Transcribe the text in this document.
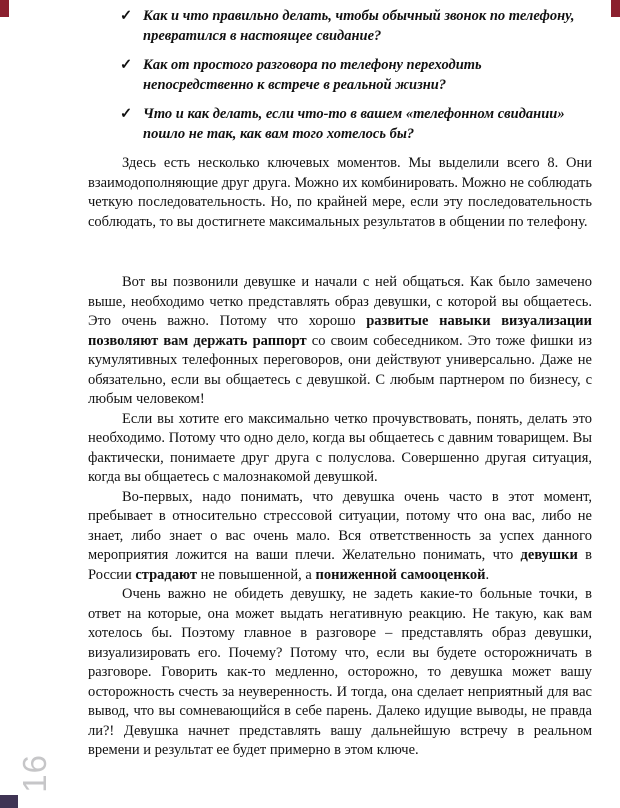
✓ Как и что правильно делать, чтобы обычный звонок по телефону, превратился в настоящее свидание?
✓ Как от простого разговора по телефону переходить непосредственно к встрече в реальной жизни?
✓ Что и как делать, если что-то в вашем «телефонном свидании» пошло не так, как вам того хотелось бы?

Здесь есть несколько ключевых моментов. Мы выделили всего 8. Они взаимодополняющие друг друга. Можно их комбинировать. Можно не соблюдать четкую последовательность. Но, по крайней мере, если эту последовательность соблюдать, то вы достигнете максимальных результатов в общении по телефону.

Вот вы позвонили девушке и начали с ней общаться. Как было замечено выше, необходимо четко представлять образ девушки, с которой вы общаетесь. Это очень важно. Потому что хорошо развитые навыки визуализации позволяют вам держать раппорт со своим собеседником. Это тоже фишки из кумулятивных телефонных переговоров, они действуют универсально. Даже не обязательно, если вы общаетесь с девушкой. С любым партнером по бизнесу, с любым человеком!

Если вы хотите его максимально четко прочувствовать, понять, делать это необходимо. Потому что одно дело, когда вы общаетесь с давним товарищем. Вы фактически, понимаете друг друга с полуслова. Совершенно другая ситуация, когда вы общаетесь с малознакомой девушкой.

Во-первых, надо понимать, что девушка очень часто в этот момент, пребывает в относительно стрессовой ситуации, потому что она вас, либо не знает, либо знает о вас очень мало. Вся ответственность за успех данного мероприятия ложится на ваши плечи. Желательно понимать, что девушки в России страдают не повышенной, а пониженной самооценкой.

Очень важно не обидеть девушку, не задеть какие-то больные точки, в ответ на которые, она может выдать негативную реакцию. Не такую, как вам хотелось бы. Поэтому главное в разговоре – представлять образ девушки, визуализировать его. Почему? Потому что, если вы будете осторожничать в разговоре. Говорить как-то медленно, осторожно, то девушка может вашу осторожность счесть за неуверенность. И тогда, она сделает неприятный для вас вывод, что вы сомневающийся в себе парень. Далеко идущие выводы, не правда ли?! Девушка начнет представлять вашу дальнейшую встречу в реальном времени и результат ее будет примерно в этом ключе.

16
